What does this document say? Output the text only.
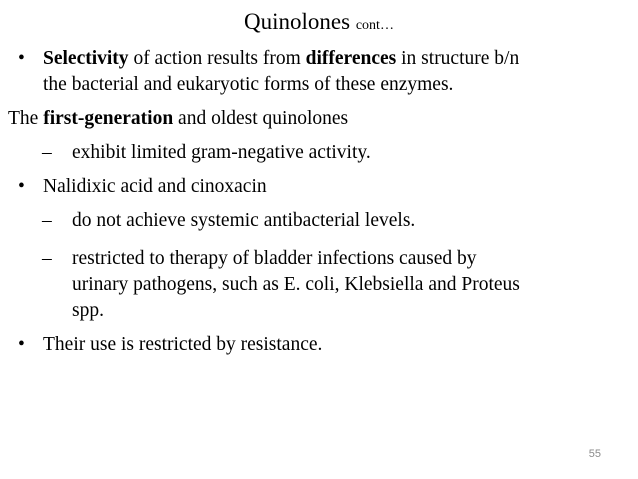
Quinolones cont…
• Selectivity of action results from differences in structure b/n
the bacterial and eukaryotic forms of these enzymes.
The first-generation and oldest quinolones
– exhibit limited gram-negative activity.
• Nalidixic acid and cinoxacin
– do not achieve systemic antibacterial levels.
– restricted to therapy of bladder infections caused by
urinary pathogens, such as E. coli, Klebsiella and Proteus
spp.
• Their use is restricted by resistance.
55
